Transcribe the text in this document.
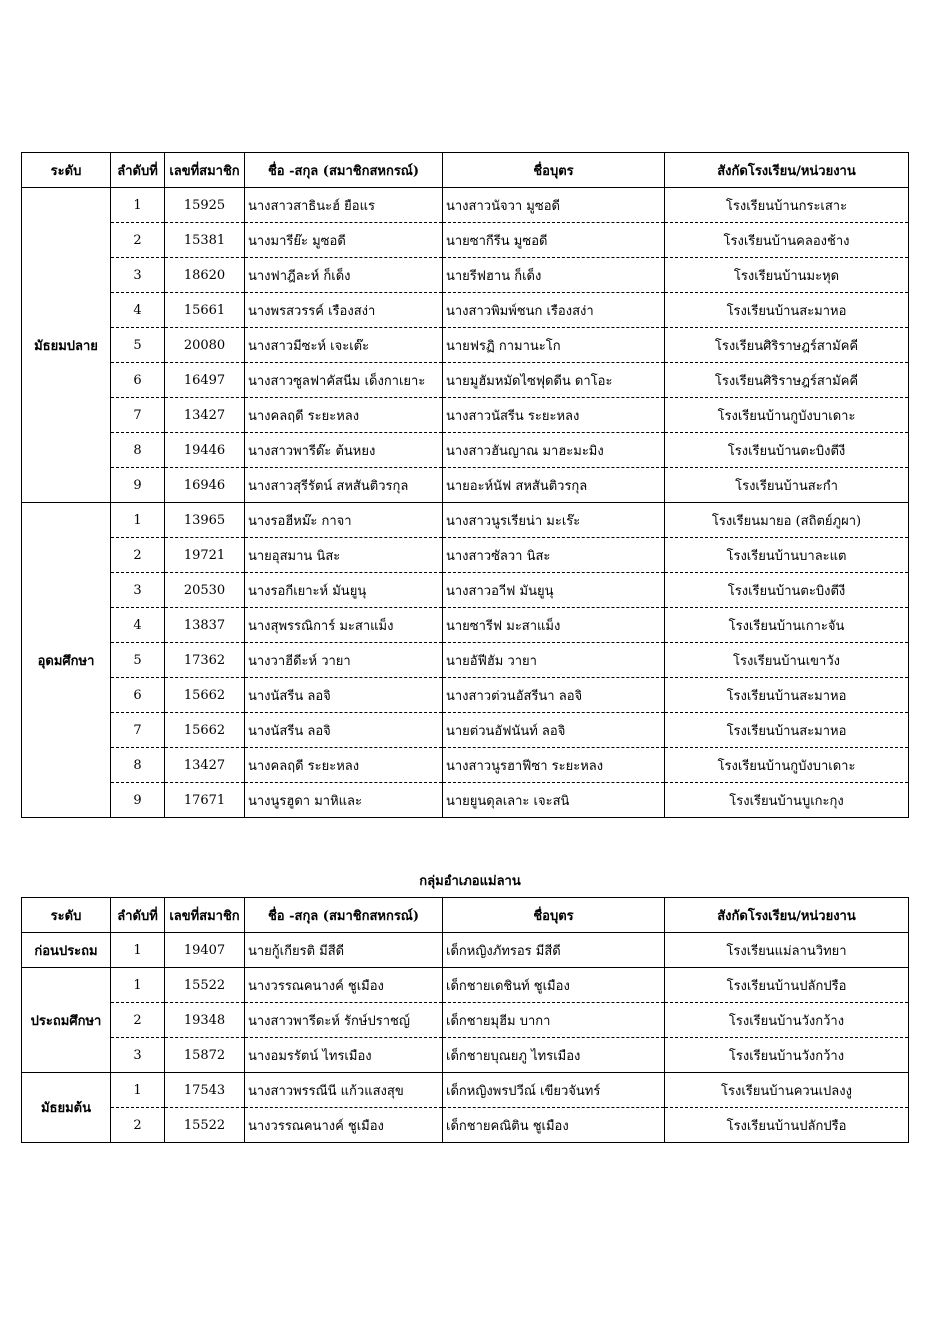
ระดับ	ลำดับที่	เลขที่สมาชิก	ชื่อ -สกุล (สมาชิกสหกรณ์)	ชื่อบุตร	สังกัดโรงเรียน/หน่วยงาน
มัธยมปลาย	1	15925	นางสาวสาธินะฮ์ ยือแร	นางสาวนัจวา มูซอดี	โรงเรียนบ้านกระเสาะ
	2	15381	นางมารีย๊ะ มูซอดี	นายซากีรีน มูซอดี	โรงเรียนบ้านคลองช้าง
	3	18620	นางฟาฎีละห์ ก็เด็ง	นายรีฟฮาน ก็เด็ง	โรงเรียนบ้านมะหุด
	4	15661	นางพรสวรรค์ เรืองสง่า	นางสาวพิมพ์ชนก เรืองสง่า	โรงเรียนบ้านสะมาหอ
	5	20080	นางสาวมีซะห์ เจะเต๊ะ	นายฟรฏิ กามานะโก	โรงเรียนศิริราษฎร์สามัคคี
	6	16497	นางสาวซูลฟาคัสนีม เด็งกาเยาะ	นายมูฮัมหมัดไซฟุดดีน ดาโอะ	โรงเรียนศิริราษฎร์สามัคคี
	7	13427	นางคลฤดี ระยะหลง	นางสาวนัสรีน ระยะหลง	โรงเรียนบ้านกูบังบาเดาะ
	8	19446	นางสาวพารีด๊ะ ต้นหยง	นางสาวฮันญาณ มาฮะมะมิง	โรงเรียนบ้านตะบิงตีงี
	9	16946	นางสาวสุรีรัตน์ สหสันติวรกุล	นายอะห์นัฟ สหสันติวรกุล	โรงเรียนบ้านสะกำ
อุดมศึกษา	1	13965	นางรอฮีหม๊ะ กาจา	นางสาวนูรเรียน่า มะเร๊ะ	โรงเรียนมายอ (สถิตย์ภูผา)
	2	19721	นายอุสมาน นิสะ	นางสาวซัลวา นิสะ	โรงเรียนบ้านบาละแต
	3	20530	นางรอกีเยาะห์ มันยูนุ	นางสาวอาีฟ มันยูนุ	โรงเรียนบ้านตะบิงตีงี
	4	13837	นางสุพรรณิการ์ มะสาแม็ง	นายซารีฟ มะสาแม็ง	โรงเรียนบ้านเกาะจัน
	5	17362	นางวาฮีดีะห์ วายา	นายอัฟีฮัม วายา	โรงเรียนบ้านเขาวัง
	6	15662	นางนัสรีน ลอจิ	นางสาวต่วนอัสรีนา ลอจิ	โรงเรียนบ้านสะมาหอ
	7	15662	นางนัสรีน ลอจิ	นายต่วนอัฟนันท์ ลอจิ	โรงเรียนบ้านสะมาหอ
	8	13427	นางคลฤดี ระยะหลง	นางสาวนูรฮาฟีซา ระยะหลง	โรงเรียนบ้านกูบังบาเดาะ
	9	17671	นางนูรฮูดา มาหิและ	นายยูนดุลเลาะ เจะสนิ	โรงเรียนบ้านบูเกะกุง
กลุ่มอำเภอแม่ลาน
ระดับ	ลำดับที่	เลขที่สมาชิก	ชื่อ -สกุล (สมาชิกสหกรณ์)	ชื่อบุตร	สังกัดโรงเรียน/หน่วยงาน
ก่อนประถม	1	19407	นายกู้เกียรติ มีสีดี	เด็กหญิงภัทรอร มีสีดี	โรงเรียนแม่ลานวิทยา
ประถมศึกษา	1	15522	นางวรรณคนางค์ ชูเมือง	เด็กชายเดชินท์ ชูเมือง	โรงเรียนบ้านปลักปรือ
	2	19348	นางสาวพารีดะห์ รักษ์ปราชญ์	เด็กชายมุฮีม บากา	โรงเรียนบ้านวังกว้าง
	3	15872	นางอมรรัตน์ ไทรเมือง	เด็กชายบุณยภู ไทรเมือง	โรงเรียนบ้านวังกว้าง
มัธยมต้น	1	17543	นางสาวพรรณีนี แก้วแสงสุข	เด็กหญิงพรปวีณ์ เขียวจันทร์	โรงเรียนบ้านควนเปลงงู
	2	15522	นางวรรณคนางค์ ชูเมือง	เด็กชายคณิติน ชูเมือง	โรงเรียนบ้านปลักปรือ
